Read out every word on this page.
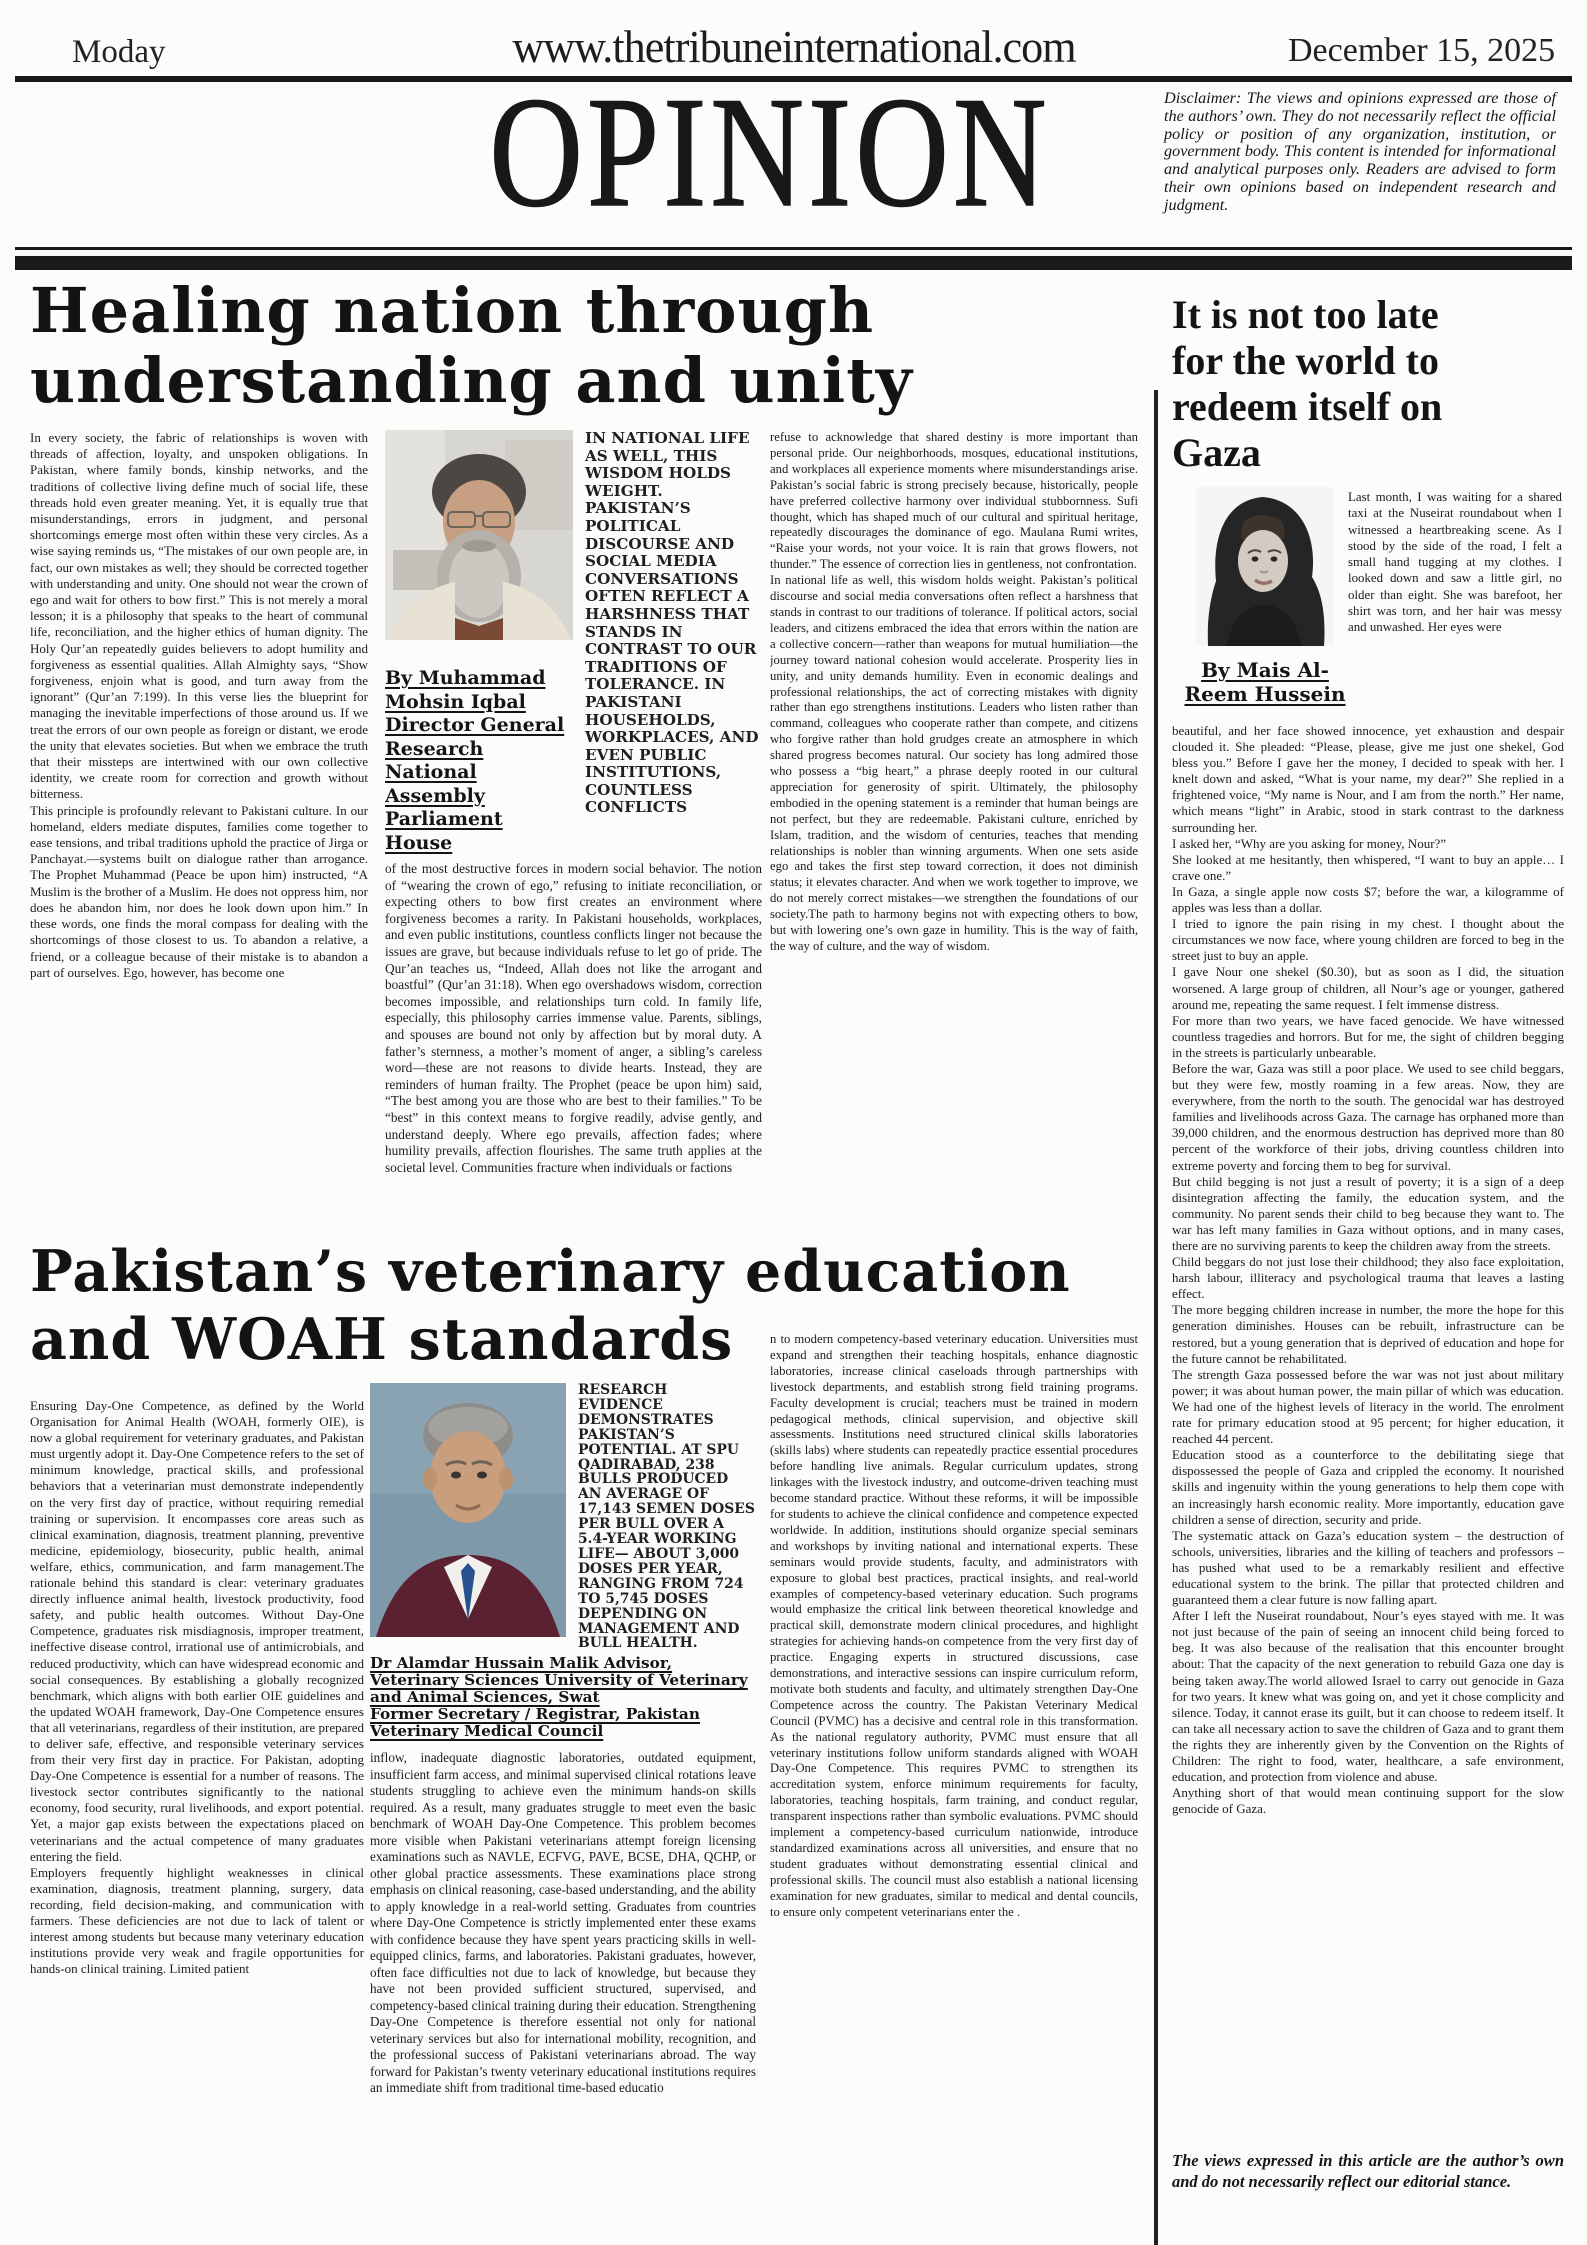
Moday	www.thetribuneinternational.com	December 15, 2025
OPINION	Disclaimer: The views and opinions expressed are those of the authors’ own. They do not necessarily reflect the official policy or position of any organization, institution, or government body. This content is intended for informational and analytical purposes only. Readers are advised to form their own opinions based on independent research and judgment.
Healing nation through
understanding and unity

In every society, the fabric of relationships is woven with threads of affection, loyalty, and unspoken obligations. In Pakistan, where family bonds, kinship networks, and the traditions of collective living define much of social life, these threads hold even greater meaning. Yet, it is equally true that misunderstandings, errors in judgment, and personal shortcomings emerge most often within these very circles. As a wise saying reminds us, “The mistakes of our own people are, in fact, our own mistakes as well; they should be corrected together with understanding and unity. One should not wear the crown of ego and wait for others to bow first.” This is not merely a moral lesson; it is a philosophy that speaks to the heart of communal life, reconciliation, and the higher ethics of human dignity. The Holy Qur’an repeatedly guides believers to adopt humility and forgiveness as essential qualities. Allah Almighty says, “Show forgiveness, enjoin what is good, and turn away from the ignorant” (Qur’an 7:199). In this verse lies the blueprint for managing the inevitable imperfections of those around us. If we treat the errors of our own people as foreign or distant, we erode the unity that elevates societies. But when we embrace the truth that their missteps are intertwined with our own collective identity, we create room for correction and growth without bitterness.

This principle is profoundly relevant to Pakistani culture. In our homeland, elders mediate disputes, families come together to ease tensions, and tribal traditions uphold the practice of Jirga or Panchayat.—systems built on dialogue rather than arrogance. The Prophet Muhammad (Peace be upon him) instructed, “A Muslim is the brother of a Muslim. He does not oppress him, nor does he abandon him, nor does he look down upon him.” In these words, one finds the moral compass for dealing with the shortcomings of those closest to us. To abandon a relative, a friend, or a colleague because of their mistake is to abandon a part of ourselves. Ego, however, has become one

IN NATIONAL LIFE AS WELL, THIS WISDOM HOLDS WEIGHT. PAKISTAN’S POLITICAL DISCOURSE AND SOCIAL MEDIA CONVERSATIONS OFTEN REFLECT A HARSHNESS THAT STANDS IN CONTRAST TO OUR TRADITIONS OF TOLERANCE. IN PAKISTANI HOUSEHOLDS, WORKPLACES, AND EVEN PUBLIC INSTITUTIONS, COUNTLESS CONFLICTS
By Muhammad Mohsin Iqbal
Director General Research
National Assembly Parliament House

of the most destructive forces in modern social behavior. The notion of “wearing the crown of ego,” refusing to initiate reconciliation, or expecting others to bow first creates an environment where forgiveness becomes a rarity. In Pakistani households, workplaces, and even public institutions, countless conflicts linger not because the issues are grave, but because individuals refuse to let go of pride. The Qur’an teaches us, “Indeed, Allah does not like the arrogant and boastful” (Qur’an 31:18). When ego overshadows wisdom, correction becomes impossible, and relationships turn cold. In family life, especially, this philosophy carries immense value. Parents, siblings, and spouses are bound not only by affection but by moral duty. A father’s sternness, a mother’s moment of anger, a sibling’s careless word—these are not reasons to divide hearts. Instead, they are reminders of human frailty. The Prophet (peace be upon him) said, “The best among you are those who are best to their families.” To be “best” in this context means to forgive readily, advise gently, and understand deeply. Where ego prevails, affection fades; where humility prevails, affection flourishes. The same truth applies at the societal level. Communities fracture when individuals or factions

refuse to acknowledge that shared destiny is more important than personal pride. Our neighborhoods, mosques, educational institutions, and workplaces all experience moments where misunderstandings arise. Pakistan’s social fabric is strong precisely because, historically, people have preferred collective harmony over individual stubbornness. Sufi thought, which has shaped much of our cultural and spiritual heritage, repeatedly discourages the dominance of ego. Maulana Rumi writes, “Raise your words, not your voice. It is rain that grows flowers, not thunder.” The essence of correction lies in gentleness, not confrontation.

In national life as well, this wisdom holds weight. Pakistan’s political discourse and social media conversations often reflect a harshness that stands in contrast to our traditions of tolerance. If political actors, social leaders, and citizens embraced the idea that errors within the nation are a collective concern—rather than weapons for mutual humiliation—the journey toward national cohesion would accelerate. Prosperity lies in unity, and unity demands humility. Even in economic dealings and professional relationships, the act of correcting mistakes with dignity rather than ego strengthens institutions. Leaders who listen rather than command, colleagues who cooperate rather than compete, and citizens who forgive rather than hold grudges create an atmosphere in which shared progress becomes natural. Our society has long admired those who possess a “big heart,” a phrase deeply rooted in our cultural appreciation for generosity of spirit. Ultimately, the philosophy embodied in the opening statement is a reminder that human beings are not perfect, but they are redeemable. Pakistani culture, enriched by Islam, tradition, and the wisdom of centuries, teaches that mending relationships is nobler than winning arguments. When one sets aside ego and takes the first step toward correction, it does not diminish status; it elevates character. And when we work together to improve, we do not merely correct mistakes—we strengthen the foundations of our society.The path to harmony begins not with expecting others to bow, but with lowering one’s own gaze in humility. This is the way of faith, the way of culture, and the way of wisdom.

Pakistan’s veterinary education
and WOAH standards

Ensuring Day-One Competence, as defined by the World Organisation for Animal Health (WOAH, formerly OIE), is now a global requirement for veterinary graduates, and Pakistan must urgently adopt it. Day-One Competence refers to the set of minimum knowledge, practical skills, and professional behaviors that a veterinarian must demonstrate independently on the very first day of practice, without requiring remedial training or supervision. It encompasses core areas such as clinical examination, diagnosis, treatment planning, preventive medicine, epidemiology, biosecurity, public health, animal welfare, ethics, communication, and farm management.The rationale behind this standard is clear: veterinary graduates directly influence animal health, livestock productivity, food safety, and public health outcomes. Without Day-One Competence, graduates risk misdiagnosis, improper treatment, ineffective disease control, irrational use of antimicrobials, and reduced productivity, which can have widespread economic and social consequences. By establishing a globally recognized benchmark, which aligns with both earlier OIE guidelines and the updated WOAH framework, Day-One Competence ensures that all veterinarians, regardless of their institution, are prepared to deliver safe, effective, and responsible veterinary services from their very first day in practice. For Pakistan, adopting Day-One Competence is essential for a number of reasons. The livestock sector contributes significantly to the national economy, food security, rural livelihoods, and export potential. Yet, a major gap exists between the expectations placed on veterinarians and the actual competence of many graduates entering the field.

Employers frequently highlight weaknesses in clinical examination, diagnosis, treatment planning, surgery, data recording, field decision-making, and communication with farmers. These deficiencies are not due to lack of talent or interest among students but because many veterinary education institutions provide very weak and fragile opportunities for hands-on clinical training. Limited patient

RESEARCH EVIDENCE DEMONSTRATES PAKISTAN’S POTENTIAL. AT SPU QADIRABAD, 238 BULLS PRODUCED AN AVERAGE OF 17,143 SEMEN DOSES PER BULL OVER A 5.4-YEAR WORKING LIFE— ABOUT 3,000 DOSES PER YEAR, RANGING FROM 724 TO 5,745 DOSES DEPENDING ON MANAGEMENT AND BULL HEALTH.
Dr Alamdar Hussain Malik Advisor,
Veterinary Sciences University of Veterinary and Animal Sciences, Swat
Former Secretary / Registrar, Pakistan Veterinary Medical Council

inflow, inadequate diagnostic laboratories, outdated equipment, insufficient farm access, and minimal supervised clinical rotations leave students struggling to achieve even the minimum hands-on skills required. As a result, many graduates struggle to meet even the basic benchmark of WOAH Day-One Competence. This problem becomes more visible when Pakistani veterinarians attempt foreign licensing examinations such as NAVLE, ECFVG, PAVE, BCSE, DHA, QCHP, or other global practice assessments. These examinations place strong emphasis on clinical reasoning, case-based understanding, and the ability to apply knowledge in a real-world setting. Graduates from countries where Day-One Competence is strictly implemented enter these exams with confidence because they have spent years practicing skills in well-equipped clinics, farms, and laboratories. Pakistani graduates, however, often face difficulties not due to lack of knowledge, but because they have not been provided sufficient structured, supervised, and competency-based clinical training during their education. Strengthening Day-One Competence is therefore essential not only for national veterinary services but also for international mobility, recognition, and the professional success of Pakistani veterinarians abroad. The way forward for Pakistan’s twenty veterinary educational institutions requires an immediate shift from traditional time-based educatio

n to modern competency-based veterinary education. Universities must expand and strengthen their teaching hospitals, enhance diagnostic laboratories, increase clinical caseloads through partnerships with livestock departments, and establish strong field training programs. Faculty development is crucial; teachers must be trained in modern pedagogical methods, clinical supervision, and objective skill assessments. Institutions need structured clinical skills laboratories (skills labs) where students can repeatedly practice essential procedures before handling live animals. Regular curriculum updates, strong linkages with the livestock industry, and outcome-driven teaching must become standard practice. Without these reforms, it will be impossible for students to achieve the clinical confidence and competence expected worldwide. In addition, institutions should organize special seminars and workshops by inviting national and international experts. These seminars would provide students, faculty, and administrators with exposure to global best practices, practical insights, and real-world examples of competency-based veterinary education. Such programs would emphasize the critical link between theoretical knowledge and practical skill, demonstrate modern clinical procedures, and highlight strategies for achieving hands-on competence from the very first day of practice. Engaging experts in structured discussions, case demonstrations, and interactive sessions can inspire curriculum reform, motivate both students and faculty, and ultimately strengthen Day-One Competence across the country. The Pakistan Veterinary Medical Council (PVMC) has a decisive and central role in this transformation. As the national regulatory authority, PVMC must ensure that all veterinary institutions follow uniform standards aligned with WOAH Day-One Competence. This requires PVMC to strengthen its accreditation system, enforce minimum requirements for faculty, laboratories, teaching hospitals, farm training, and conduct regular, transparent inspections rather than symbolic evaluations. PVMC should implement a competency-based curriculum nationwide, introduce standardized examinations across all universities, and ensure that no student graduates without demonstrating essential clinical and professional skills. The council must also establish a national licensing examination for new graduates, similar to medical and dental councils, to ensure only competent veterinarians enter the .

It is not too late
for the world to
redeem itself on
Gaza
By Mais Al-Reem Hussein

Last month, I was waiting for a shared taxi at the Nuseirat roundabout when I witnessed a heartbreaking scene. As I stood by the side of the road, I felt a small hand tugging at my clothes. I looked down and saw a little girl, no older than eight. She was barefoot, her shirt was torn, and her hair was messy and unwashed. Her eyes were

beautiful, and her face showed innocence, yet exhaustion and despair clouded it. She pleaded: “Please, please, give me just one shekel, God bless you.” Before I gave her the money, I decided to speak with her. I knelt down and asked, “What is your name, my dear?” She replied in a frightened voice, “My name is Nour, and I am from the north.” Her name, which means “light” in Arabic, stood in stark contrast to the darkness surrounding her.

I asked her, “Why are you asking for money, Nour?”

She looked at me hesitantly, then whispered, “I want to buy an apple… I crave one.”

In Gaza, a single apple now costs $7; before the war, a kilogramme of apples was less than a dollar.

I tried to ignore the pain rising in my chest. I thought about the circumstances we now face, where young children are forced to beg in the street just to buy an apple.

I gave Nour one shekel ($0.30), but as soon as I did, the situation worsened. A large group of children, all Nour’s age or younger, gathered around me, repeating the same request. I felt immense distress.

For more than two years, we have faced genocide. We have witnessed countless tragedies and horrors. But for me, the sight of children begging in the streets is particularly unbearable.

Before the war, Gaza was still a poor place. We used to see child beggars, but they were few, mostly roaming in a few areas. Now, they are everywhere, from the north to the south. The genocidal war has destroyed families and livelihoods across Gaza. The carnage has orphaned more than 39,000 children, and the enormous destruction has deprived more than 80 percent of the workforce of their jobs, driving countless children into extreme poverty and forcing them to beg for survival.

But child begging is not just a result of poverty; it is a sign of a deep disintegration affecting the family, the education system, and the community. No parent sends their child to beg because they want to. The war has left many families in Gaza without options, and in many cases, there are no surviving parents to keep the children away from the streets.

Child beggars do not just lose their childhood; they also face exploitation, harsh labour, illiteracy and psychological trauma that leaves a lasting effect.

The more begging children increase in number, the more the hope for this generation diminishes. Houses can be rebuilt, infrastructure can be restored, but a young generation that is deprived of education and hope for the future cannot be rehabilitated.

The strength Gaza possessed before the war was not just about military power; it was about human power, the main pillar of which was education. We had one of the highest levels of literacy in the world. The enrolment rate for primary education stood at 95 percent; for higher education, it reached 44 percent.

Education stood as a counterforce to the debilitating siege that dispossessed the people of Gaza and crippled the economy. It nourished skills and ingenuity within the young generations to help them cope with an increasingly harsh economic reality. More importantly, education gave children a sense of direction, security and pride.

The systematic attack on Gaza’s education system – the destruction of schools, universities, libraries and the killing of teachers and professors – has pushed what used to be a remarkably resilient and effective educational system to the brink. The pillar that protected children and guaranteed them a clear future is now falling apart.

After I left the Nuseirat roundabout, Nour’s eyes stayed with me. It was not just because of the pain of seeing an innocent child being forced to beg. It was also because of the realisation that this encounter brought about: That the capacity of the next generation to rebuild Gaza one day is being taken away.The world allowed Israel to carry out genocide in Gaza for two years. It knew what was going on, and yet it chose complicity and silence. Today, it cannot erase its guilt, but it can choose to redeem itself. It can take all necessary action to save the children of Gaza and to grant them the rights they are inherently given by the Convention on the Rights of Children: The right to food, water, healthcare, a safe environment, education, and protection from violence and abuse.

Anything short of that would mean continuing support for the slow genocide of Gaza.

The views expressed in this article are the author’s own and do not necessarily reflect our editorial stance.
